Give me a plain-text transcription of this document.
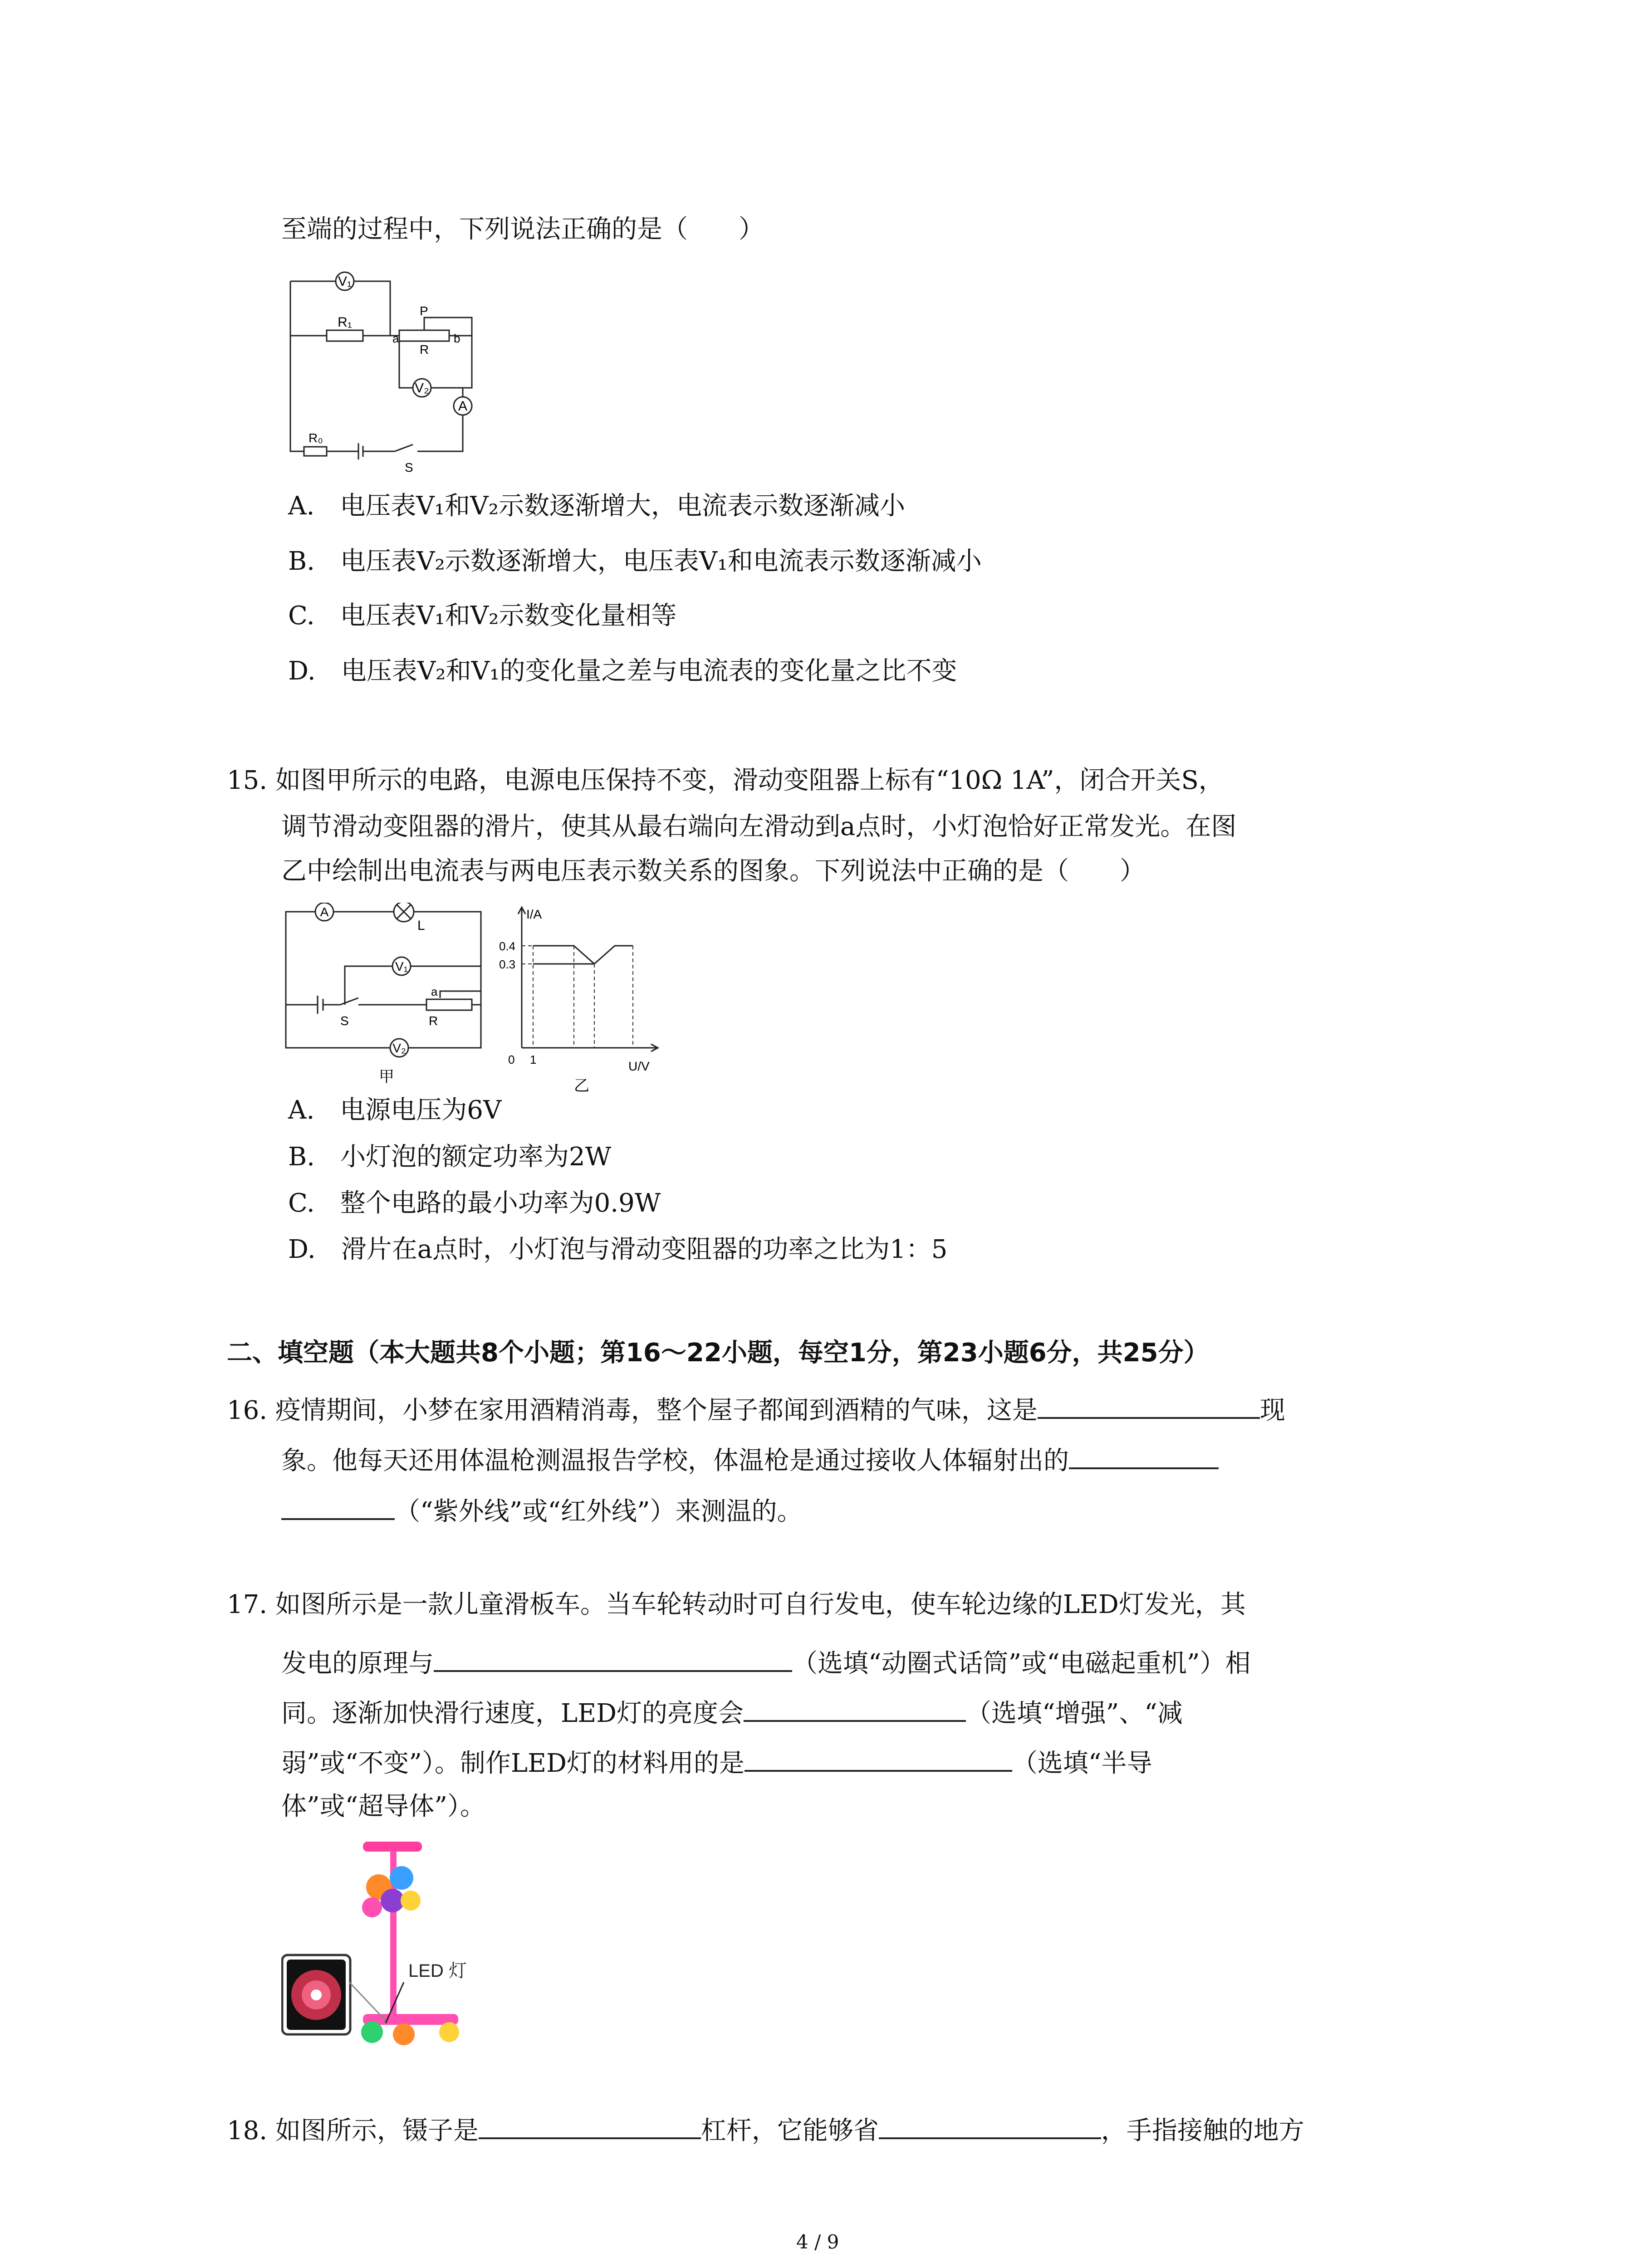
至端的过程中，下列说法正确的是（　　）
V₁
R₁
P
a
R
b
V₂
A
R₀
S
A.　电压表V₁和V₂示数逐渐增大，电流表示数逐渐减小
B.　电压表V₂示数逐渐增大，电压表V₁和电流表示数逐渐减小
C.　电压表V₁和V₂示数变化量相等
D.　电压表V₂和V₁的变化量之差与电流表的变化量之比不变
15. 如图甲所示的电路，电源电压保持不变，滑动变阻器上标有“10Ω 1A”，闭合开关S，
调节滑动变阻器的滑片，使其从最右端向左滑动到a点时，小灯泡恰好正常发光。在图
乙中绘制出电流表与两电压表示数关系的图象。下列说法中正确的是（　　）
A
L
V₁
S
a
R
V₂
甲
I/A
0.4
0.3
0 1	U/V
乙
A.　电源电压为6V
B.　小灯泡的额定功率为2W
C.　整个电路的最小功率为0.9W
D.　滑片在a点时，小灯泡与滑动变阻器的功率之比为1：5
二、填空题（本大题共8个小题；第16～22小题，每空1分，第23小题6分，共25分）
16. 疫情期间，小梦在家用酒精消毒，整个屋子都闻到酒精的气味，这是	现
象。他每天还用体温枪测温报告学校，体温枪是通过接收人体辐射出的
（“紫外线”或“红外线”）来测温的。
17. 如图所示是一款儿童滑板车。当车轮转动时可自行发电，使车轮边缘的LED灯发光，其
发电的原理与	（选填“动圈式话筒”或“电磁起重机”）相
同。逐渐加快滑行速度，LED灯的亮度会	（选填“增强”、“减
弱”或“不变”）。制作LED灯的材料用的是	（选填“半导
体”或“超导体”）。
LED 灯
18. 如图所示，镊子是	杠杆，它能够省	，手指接触的地方
4 / 9
